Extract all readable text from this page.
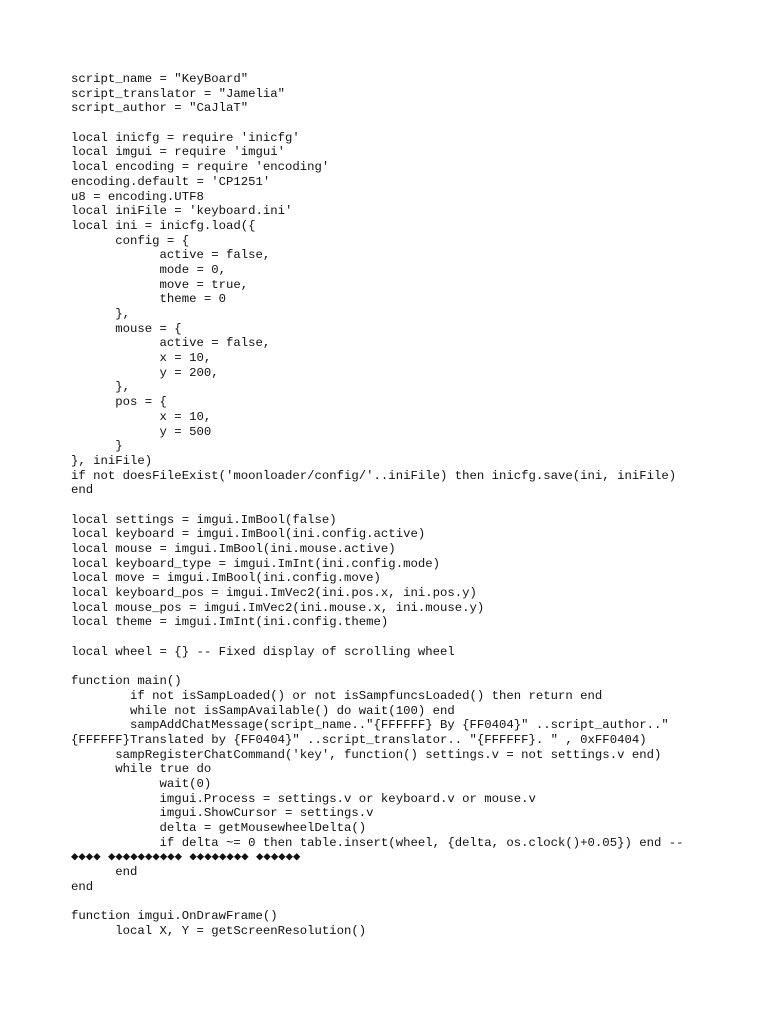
script_name = "KeyBoard"
script_translator = "Jamelia"
script_author = "CaJlaT"
local inicfg = require 'inicfg'
local imgui = require 'imgui'
local encoding = require 'encoding'
encoding.default = 'CP1251'
u8 = encoding.UTF8
local iniFile = 'keyboard.ini'
local ini = inicfg.load({
config = {
active = false,
mode = 0,
move = true,
theme = 0
},
mouse = {
active = false,
x = 10,
y = 200,
},
pos = {
x = 10,
y = 500
}
}, iniFile)
if not doesFileExist('moonloader/config/'..iniFile) then inicfg.save(ini, iniFile)
end
local settings = imgui.ImBool(false)
local keyboard = imgui.ImBool(ini.config.active)
local mouse = imgui.ImBool(ini.mouse.active)
local keyboard_type = imgui.ImInt(ini.config.mode)
local move = imgui.ImBool(ini.config.move)
local keyboard_pos = imgui.ImVec2(ini.pos.x, ini.pos.y)
local mouse_pos = imgui.ImVec2(ini.mouse.x, ini.mouse.y)
local theme = imgui.ImInt(ini.config.theme)
local wheel = {} -- Fixed display of scrolling wheel
function main()
if not isSampLoaded() or not isSampfuncsLoaded() then return end
while not isSampAvailable() do wait(100) end
sampAddChatMessage(script_name.."{FFFFFF} By {FF0404}" ..script_author.."
{FFFFFF}Translated by {FF0404}" ..script_translator.. "{FFFFFF}. " , 0xFF0404)
sampRegisterChatCommand('key', function() settings.v = not settings.v end)
while true do
wait(0)
imgui.Process = settings.v or keyboard.v or mouse.v
imgui.ShowCursor = settings.v
delta = getMousewheelDelta()
if delta ~= 0 then table.insert(wheel, {delta, os.clock()+0.05}) end --
◆◆◆◆ ◆◆◆◆◆◆◆◆◆◆ ◆◆◆◆◆◆◆◆ ◆◆◆◆◆◆
end
end
function imgui.OnDrawFrame()
local X, Y = getScreenResolution()
